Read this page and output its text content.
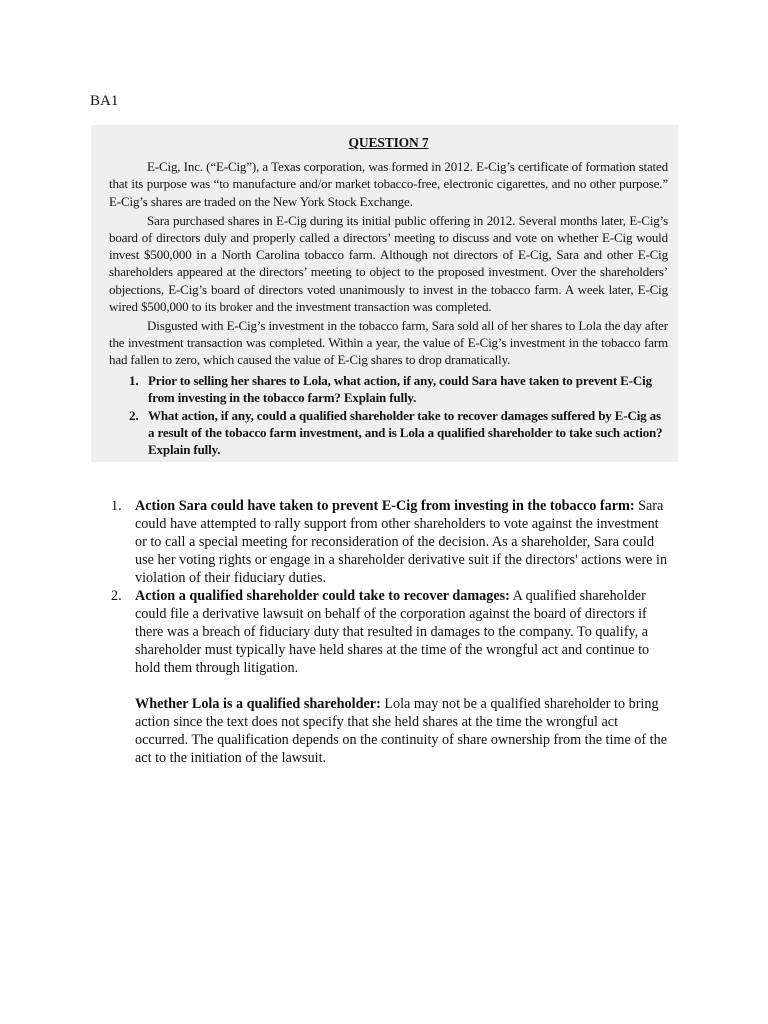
BA1
QUESTION 7

E-Cig, Inc. (“E-Cig”), a Texas corporation, was formed in 2012. E-Cig’s certificate of formation stated that its purpose was “to manufacture and/or market tobacco-free, electronic cigarettes, and no other purpose.” E-Cig’s shares are traded on the New York Stock Exchange.

Sara purchased shares in E-Cig during its initial public offering in 2012. Several months later, E-Cig’s board of directors duly and properly called a directors’ meeting to discuss and vote on whether E-Cig would invest $500,000 in a North Carolina tobacco farm. Although not directors of E-Cig, Sara and other E-Cig shareholders appeared at the directors’ meeting to object to the proposed investment. Over the shareholders’ objections, E-Cig’s board of directors voted unanimously to invest in the tobacco farm. A week later, E-Cig wired $500,000 to its broker and the investment transaction was completed.

Disgusted with E-Cig’s investment in the tobacco farm, Sara sold all of her shares to Lola the day after the investment transaction was completed. Within a year, the value of E-Cig’s investment in the tobacco farm had fallen to zero, which caused the value of E-Cig shares to drop dramatically.

1. Prior to selling her shares to Lola, what action, if any, could Sara have taken to prevent E-Cig from investing in the tobacco farm? Explain fully.
2. What action, if any, could a qualified shareholder take to recover damages suffered by E-Cig as a result of the tobacco farm investment, and is Lola a qualified shareholder to take such action? Explain fully.
1. Action Sara could have taken to prevent E-Cig from investing in the tobacco farm: Sara could have attempted to rally support from other shareholders to vote against the investment or to call a special meeting for reconsideration of the decision. As a shareholder, Sara could use her voting rights or engage in a shareholder derivative suit if the directors' actions were in violation of their fiduciary duties.
2. Action a qualified shareholder could take to recover damages: A qualified shareholder could file a derivative lawsuit on behalf of the corporation against the board of directors if there was a breach of fiduciary duty that resulted in damages to the company. To qualify, a shareholder must typically have held shares at the time of the wrongful act and continue to hold them through litigation.
Whether Lola is a qualified shareholder: Lola may not be a qualified shareholder to bring action since the text does not specify that she held shares at the time the wrongful act occurred. The qualification depends on the continuity of share ownership from the time of the act to the initiation of the lawsuit.
